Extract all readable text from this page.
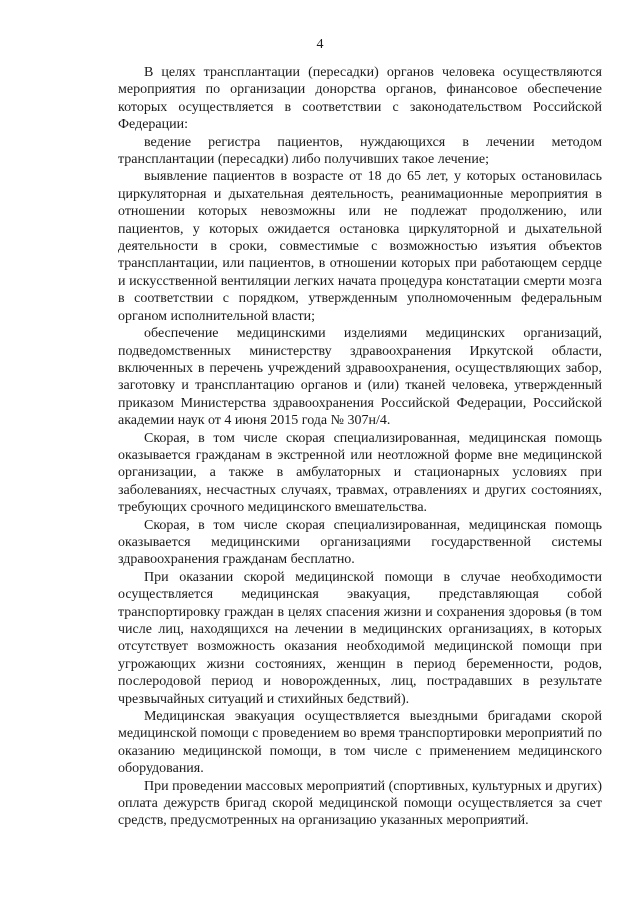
4

В целях трансплантации (пересадки) органов человека осуществляются мероприятия по организации донорства органов, финансовое обеспечение которых осуществляется в соответствии с законодательством Российской Федерации:

ведение регистра пациентов, нуждающихся в лечении методом трансплантации (пересадки) либо получивших такое лечение;

выявление пациентов в возрасте от 18 до 65 лет, у которых остановилась циркуляторная и дыхательная деятельность, реанимационные мероприятия в отношении которых невозможны или не подлежат продолжению, или пациентов, у которых ожидается остановка циркуляторной и дыхательной деятельности в сроки, совместимые с возможностью изъятия объектов трансплантации, или пациентов, в отношении которых при работающем сердце и искусственной вентиляции легких начата процедура констатации смерти мозга в соответствии с порядком, утвержденным уполномоченным федеральным органом исполнительной власти;

обеспечение медицинскими изделиями медицинских организаций, подведомственных министерству здравоохранения Иркутской области, включенных в перечень учреждений здравоохранения, осуществляющих забор, заготовку и трансплантацию органов и (или) тканей человека, утвержденный приказом Министерства здравоохранения Российской Федерации, Российской академии наук от 4 июня 2015 года № 307н/4.

Скорая, в том числе скорая специализированная, медицинская помощь оказывается гражданам в экстренной или неотложной форме вне медицинской организации, а также в амбулаторных и стационарных условиях при заболеваниях, несчастных случаях, травмах, отравлениях и других состояниях, требующих срочного медицинского вмешательства.

Скорая, в том числе скорая специализированная, медицинская помощь оказывается медицинскими организациями государственной системы здравоохранения гражданам бесплатно.

При оказании скорой медицинской помощи в случае необходимости осуществляется медицинская эвакуация, представляющая собой транспортировку граждан в целях спасения жизни и сохранения здоровья (в том числе лиц, находящихся на лечении в медицинских организациях, в которых отсутствует возможность оказания необходимой медицинской помощи при угрожающих жизни состояниях, женщин в период беременности, родов, послеродовой период и новорожденных, лиц, пострадавших в результате чрезвычайных ситуаций и стихийных бедствий).

Медицинская эвакуация осуществляется выездными бригадами скорой медицинской помощи с проведением во время транспортировки мероприятий по оказанию медицинской помощи, в том числе с применением медицинского оборудования.

При проведении массовых мероприятий (спортивных, культурных и других) оплата дежурств бригад скорой медицинской помощи осуществляется за счет средств, предусмотренных на организацию указанных мероприятий.
